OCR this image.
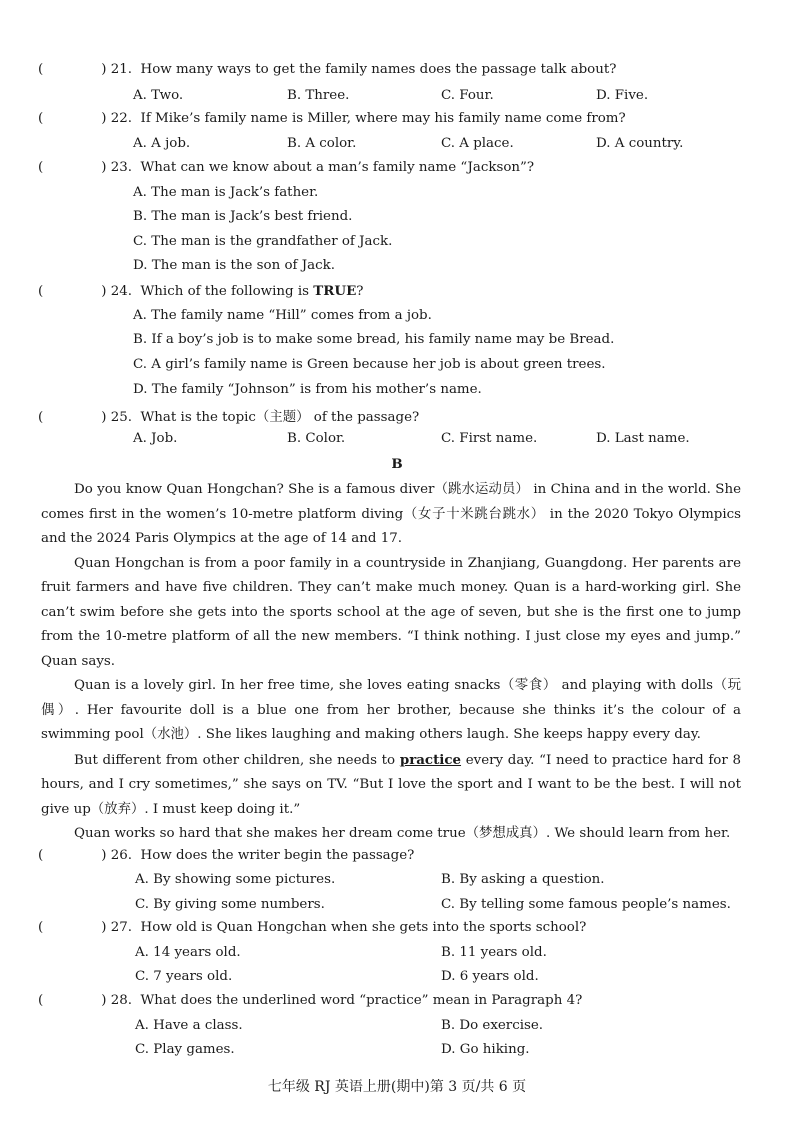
(	) 21. How many ways to get the family names does the passage talk about?
A. Two.	B. Three.	C. Four.	D. Five.
(	) 22. If Mike’s family name is Miller, where may his family name come from?
A. A job.	B. A color.	C. A place.	D. A country.
(	) 23. What can we know about a man’s family name “Jackson”?
A. The man is Jack’s father.
B. The man is Jack’s best friend.
C. The man is the grandfather of Jack.
D. The man is the son of Jack.
(	) 24. Which of the following is TRUE?
A. The family name “Hill” comes from a job.
B. If a boy’s job is to make some bread, his family name may be Bread.
C. A girl’s family name is Green because her job is about green trees.
D. The family “Johnson” is from his mother’s name.
(	) 25. What is the topic（主题） of the passage?
A. Job.	B. Color.	C. First name.	D. Last name.
B

Do you know Quan Hongchan? She is a famous diver（跳水运动员） in China and in the world. She comes first in the women’s 10-metre platform diving（女子十米跳台跳水） in the 2020 Tokyo Olympics and the 2024 Paris Olympics at the age of 14 and 17.

Quan Hongchan is from a poor family in a countryside in Zhanjiang, Guangdong. Her parents are fruit farmers and have five children. They can’t make much money. Quan is a hard-working girl. She can’t swim before she gets into the sports school at the age of seven, but she is the first one to jump from the 10-metre platform of all the new members. “I think nothing. I just close my eyes and jump.” Quan says.

Quan is a lovely girl. In her free time, she loves eating snacks（零食） and playing with dolls（玩偶）. Her favourite doll is a blue one from her brother, because she thinks it’s the colour of a swimming pool（水池）. She likes laughing and making others laugh. She keeps happy every day.

But different from other children, she needs to practice every day. “I need to practice hard for 8 hours, and I cry sometimes,” she says on TV. “But I love the sport and I want to be the best. I will not give up（放弃）. I must keep doing it.”

Quan works so hard that she makes her dream come true（梦想成真）. We should learn from her.

(	) 26. How does the writer begin the passage?
A. By showing some pictures.	B. By asking a question.
C. By giving some numbers.	C. By telling some famous people’s names.
(	) 27. How old is Quan Hongchan when she gets into the sports school?
A. 14 years old.	B. 11 years old.
C. 7 years old.	D. 6 years old.
(	) 28. What does the underlined word “practice” mean in Paragraph 4?
A. Have a class.	B. Do exercise.
C. Play games.	D. Go hiking.
七年级 RJ 英语上册(期中)第 3 页/共 6 页
